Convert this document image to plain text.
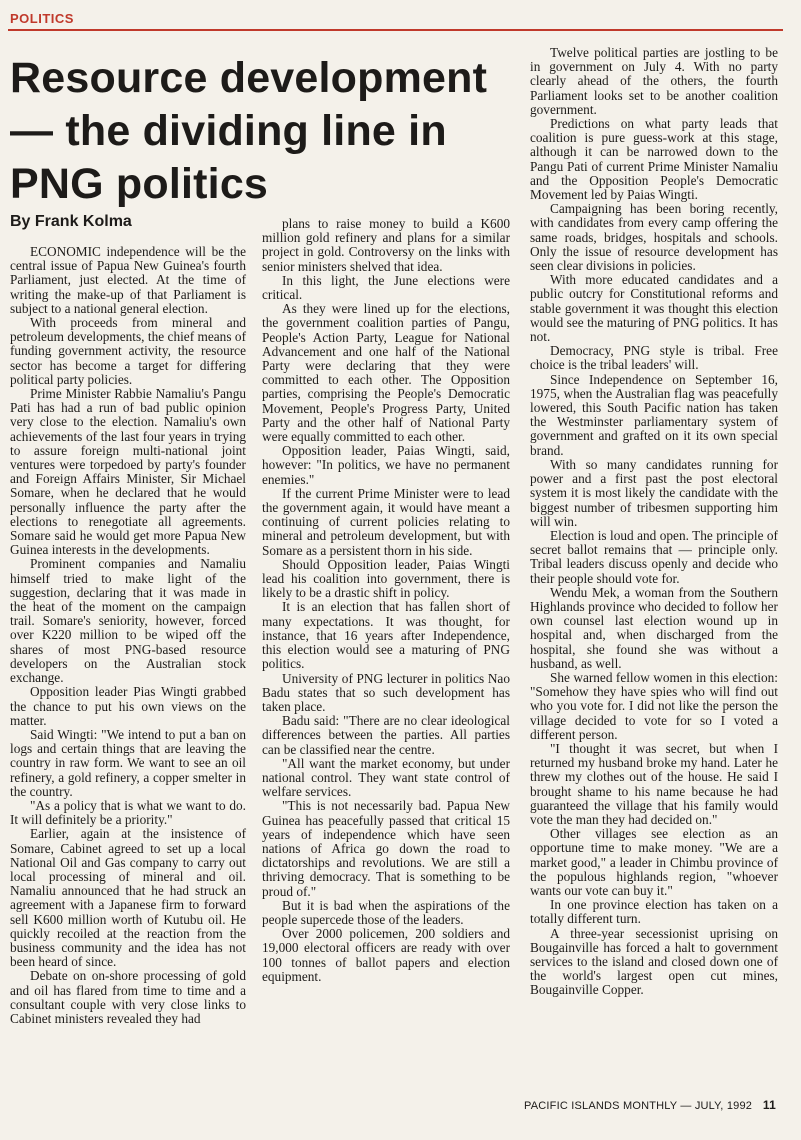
POLITICS
Resource development — the dividing line in PNG politics
By Frank Kolma

ECONOMIC independence will be the central issue of Papua New Guinea's fourth Parliament, just elected. At the time of writing the make-up of that Parliament is subject to a national general election.

With proceeds from mineral and petroleum developments, the chief means of funding government activity, the resource sector has become a target for differing political party policies.

Prime Minister Rabbie Namaliu's Pangu Pati has had a run of bad public opinion very close to the election. Namaliu's own achievements of the last four years in trying to assure foreign multi-national joint ventures were torpedoed by party's founder and Foreign Affairs Minister, Sir Michael Somare, when he declared that he would personally influence the party after the elections to renegotiate all agreements. Somare said he would get more Papua New Guinea interests in the developments.

Prominent companies and Namaliu himself tried to make light of the suggestion, declaring that it was made in the heat of the moment on the campaign trail. Somare's seniority, however, forced over K220 million to be wiped off the shares of most PNG-based resource developers on the Australian stock exchange.

Opposition leader Pias Wingti grabbed the chance to put his own views on the matter.

Said Wingti: "We intend to put a ban on logs and certain things that are leaving the country in raw form. We want to see an oil refinery, a gold refinery, a copper smelter in the country.

"As a policy that is what we want to do. It will definitely be a priority."

Earlier, again at the insistence of Somare, Cabinet agreed to set up a local National Oil and Gas company to carry out local processing of mineral and oil. Namaliu announced that he had struck an agreement with a Japanese firm to forward sell K600 million worth of Kutubu oil. He quickly recoiled at the reaction from the business community and the idea has not been heard of since.

Debate on on-shore processing of gold and oil has flared from time to time and a consultant couple with very close links to Cabinet ministers revealed they had

plans to raise money to build a K600 million gold refinery and plans for a similar project in gold. Controversy on the links with senior ministers shelved that idea.

In this light, the June elections were critical.

As they were lined up for the elections, the government coalition parties of Pangu, People's Action Party, League for National Advancement and one half of the National Party were declaring that they were committed to each other. The Opposition parties, comprising the People's Democratic Movement, People's Progress Party, United Party and the other half of National Party were equally committed to each other.

Opposition leader, Paias Wingti, said, however: "In politics, we have no permanent enemies."

If the current Prime Minister were to lead the government again, it would have meant a continuing of current policies relating to mineral and petroleum development, but with Somare as a persistent thorn in his side.

Should Opposition leader, Paias Wingti lead his coalition into government, there is likely to be a drastic shift in policy.

It is an election that has fallen short of many expectations. It was thought, for instance, that 16 years after Independence, this election would see a maturing of PNG politics.

University of PNG lecturer in politics Nao Badu states that so such development has taken place.

Badu said: "There are no clear ideological differences between the parties. All parties can be classified near the centre.

"All want the market economy, but under national control. They want state control of welfare services.

"This is not necessarily bad. Papua New Guinea has peacefully passed that critical 15 years of independence which have seen nations of Africa go down the road to dictatorships and revolutions. We are still a thriving democracy. That is something to be proud of."

But it is bad when the aspirations of the people supercede those of the leaders.

Over 2000 policemen, 200 soldiers and 19,000 electoral officers are ready with over 100 tonnes of ballot papers and election equipment.

Twelve political parties are jostling to be in government on July 4. With no party clearly ahead of the others, the fourth Parliament looks set to be another coalition government.

Predictions on what party leads that coalition is pure guess-work at this stage, although it can be narrowed down to the Pangu Pati of current Prime Minister Namaliu and the Opposition People's Democratic Movement led by Paias Wingti.

Campaigning has been boring recently, with candidates from every camp offering the same roads, bridges, hospitals and schools. Only the issue of resource development has seen clear divisions in policies.

With more educated candidates and a public outcry for Constitutional reforms and stable government it was thought this election would see the maturing of PNG politics. It has not.

Democracy, PNG style is tribal. Free choice is the tribal leaders' will.

Since Independence on September 16, 1975, when the Australian flag was peacefully lowered, this South Pacific nation has taken the Westminster parliamentary system of government and grafted on it its own special brand.

With so many candidates running for power and a first past the post electoral system it is most likely the candidate with the biggest number of tribesmen supporting him will win.

Election is loud and open. The principle of secret ballot remains that — principle only. Tribal leaders discuss openly and decide who their people should vote for.

Wendu Mek, a woman from the Southern Highlands province who decided to follow her own counsel last election wound up in hospital and, when discharged from the hospital, she found she was without a husband, as well.

She warned fellow women in this election: "Somehow they have spies who will find out who you vote for. I did not like the person the village decided to vote for so I voted a different person.

"I thought it was secret, but when I returned my husband broke my hand. Later he threw my clothes out of the house. He said I brought shame to his name because he had guaranteed the village that his family would vote the man they had decided on."

Other villages see election as an opportune time to make money. "We are a market good," a leader in Chimbu province of the populous highlands region, "whoever wants our vote can buy it."

In one province election has taken on a totally different turn.

A three-year secessionist uprising on Bougainville has forced a halt to government services to the island and closed down one of the world's largest open cut mines, Bougainville Copper.

PACIFIC ISLANDS MONTHLY — JULY, 1992 11
